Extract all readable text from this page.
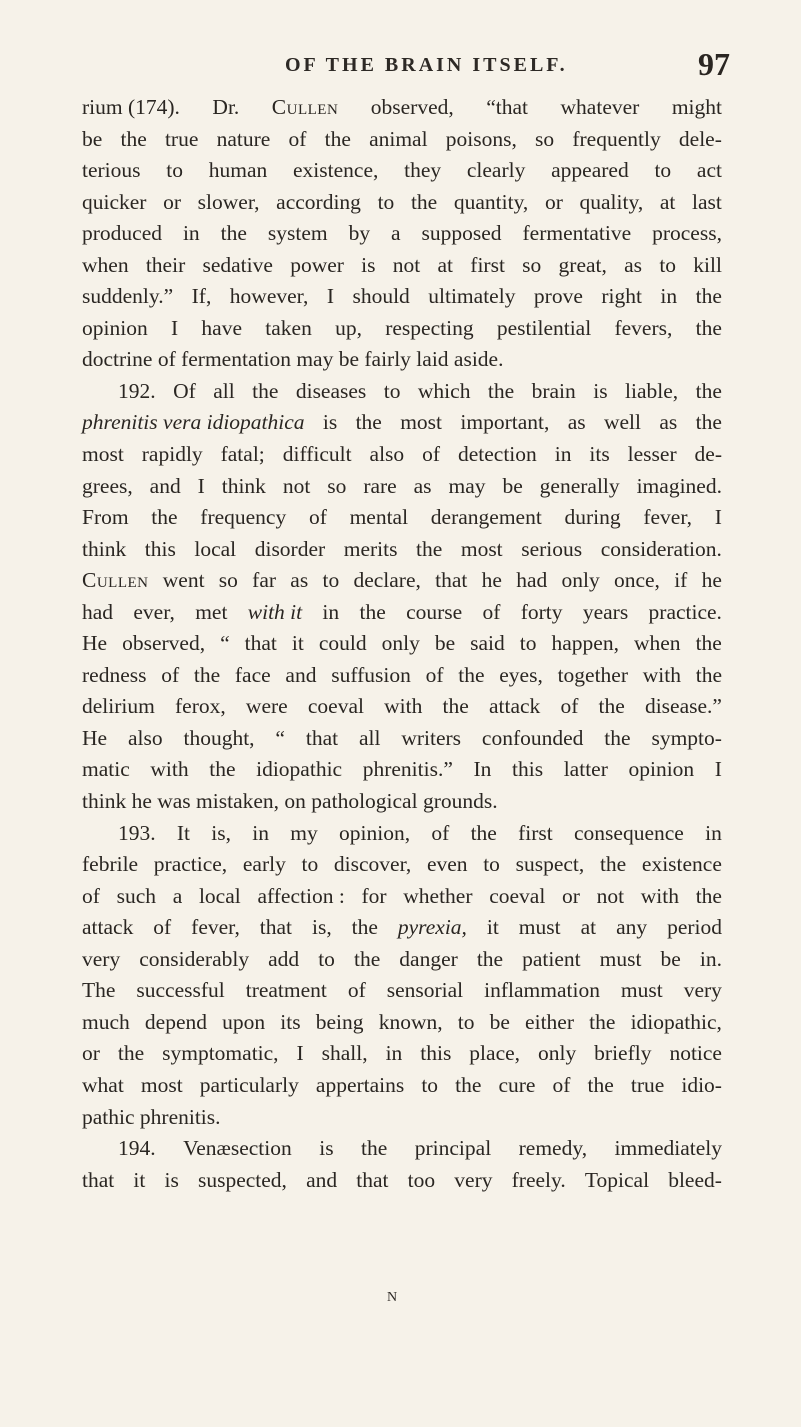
OF THE BRAIN ITSELF.	97
rium (174). Dr. Cullen observed, “that whatever might
be the true nature of the animal poisons, so frequently dele-
terious to human existence, they clearly appeared to act
quicker or slower, according to the quantity, or quality, at last
produced in the system by a supposed fermentative process,
when their sedative power is not at first so great, as to kill
suddenly.” If, however, I should ultimately prove right in the
opinion I have taken up, respecting pestilential fevers, the
doctrine of fermentation may be fairly laid aside.
192. Of all the diseases to which the brain is liable, the
phrenitis vera idiopathica is the most important, as well as the
most rapidly fatal; difficult also of detection in its lesser de-
grees, and I think not so rare as may be generally imagined.
From the frequency of mental derangement during fever, I
think this local disorder merits the most serious consideration.
Cullen went so far as to declare, that he had only once, if he
had ever, met with it in the course of forty years practice.
He observed, “ that it could only be said to happen, when the
redness of the face and suffusion of the eyes, together with the
delirium ferox, were coeval with the attack of the disease.”
He also thought, “ that all writers confounded the sympto-
matic with the idiopathic phrenitis.” In this latter opinion I
think he was mistaken, on pathological grounds.
193. It is, in my opinion, of the first consequence in
febrile practice, early to discover, even to suspect, the existence
of such a local affection : for whether coeval or not with the
attack of fever, that is, the pyrexia, it must at any period
very considerably add to the danger the patient must be in.
The successful treatment of sensorial inflammation must very
much depend upon its being known, to be either the idiopathic,
or the symptomatic, I shall, in this place, only briefly notice
what most particularly appertains to the cure of the true idio-
pathic phrenitis.
194. Venæsection is the principal remedy, immediately
that it is suspected, and that too very freely. Topical bleed-
N
